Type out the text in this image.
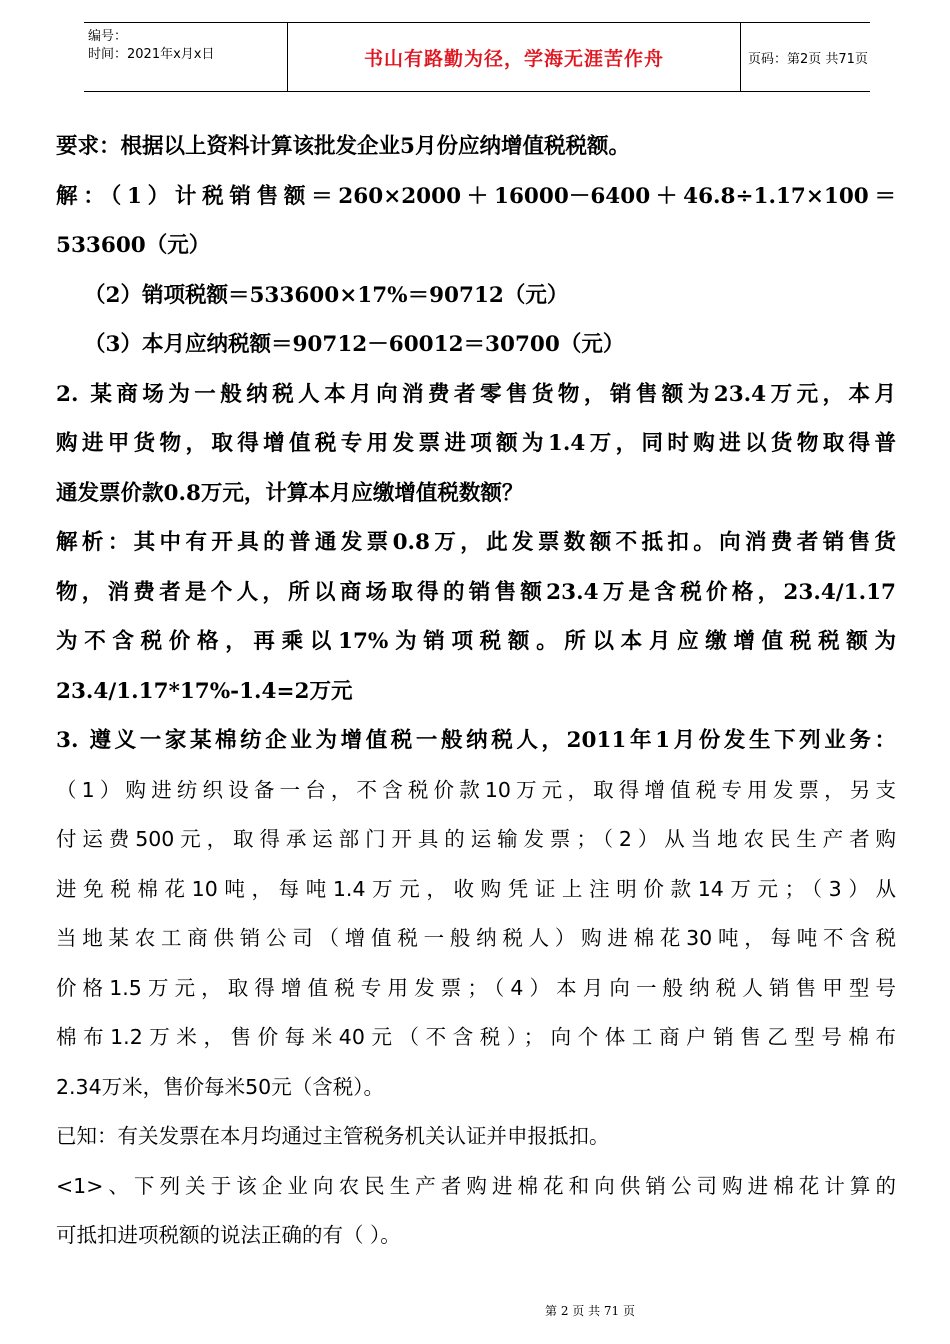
编号：
时间：2021年x月x日	书山有路勤为径，学海无涯苦作舟	页码：第2页 共71页
要求：根据以上资料计算该批发企业5月份应纳增值税税额。
解：（1）计税销售额＝260×2000＋16000－6400＋46.8÷1.17×100＝
533600（元）
（2）销项税额＝533600×17%＝90712（元）
（3）本月应纳税额＝90712－60012＝30700（元）
2. 某商场为一般纳税人本月向消费者零售货物，销售额为23.4万元，本月
购进甲货物，取得增值税专用发票进项额为1.4万，同时购进以货物取得普
通发票价款0.8万元，计算本月应缴增值税数额？
解析：其中有开具的普通发票0.8万，此发票数额不抵扣。向消费者销售货
物，消费者是个人，所以商场取得的销售额23.4万是含税价格，23.4/1.17
为不含税价格，再乘以17%为销项税额。所以本月应缴增值税税额为
23.4/1.17*17%-1.4=2万元
3. 遵义一家某棉纺企业为增值税一般纳税人，2011年1月份发生下列业务：
（1）购进纺织设备一台，不含税价款10万元，取得增值税专用发票，另支
付运费500元，取得承运部门开具的运输发票；（2）从当地农民生产者购
进免税棉花10吨，每吨1.4万元，收购凭证上注明价款14万元；（3）从
当地某农工商供销公司（增值税一般纳税人）购进棉花30吨，每吨不含税
价格1.5万元，取得增值税专用发票；（4）本月向一般纳税人销售甲型号
棉布1.2万米，售价每米40元（不含税）；向个体工商户销售乙型号棉布
2.34万米，售价每米50元（含税）。
已知：有关发票在本月均通过主管税务机关认证并申报抵扣。
<1>、下列关于该企业向农民生产者购进棉花和向供销公司购进棉花计算的
可抵扣进项税额的说法正确的有（ ）。
第 2 页 共 71 页
